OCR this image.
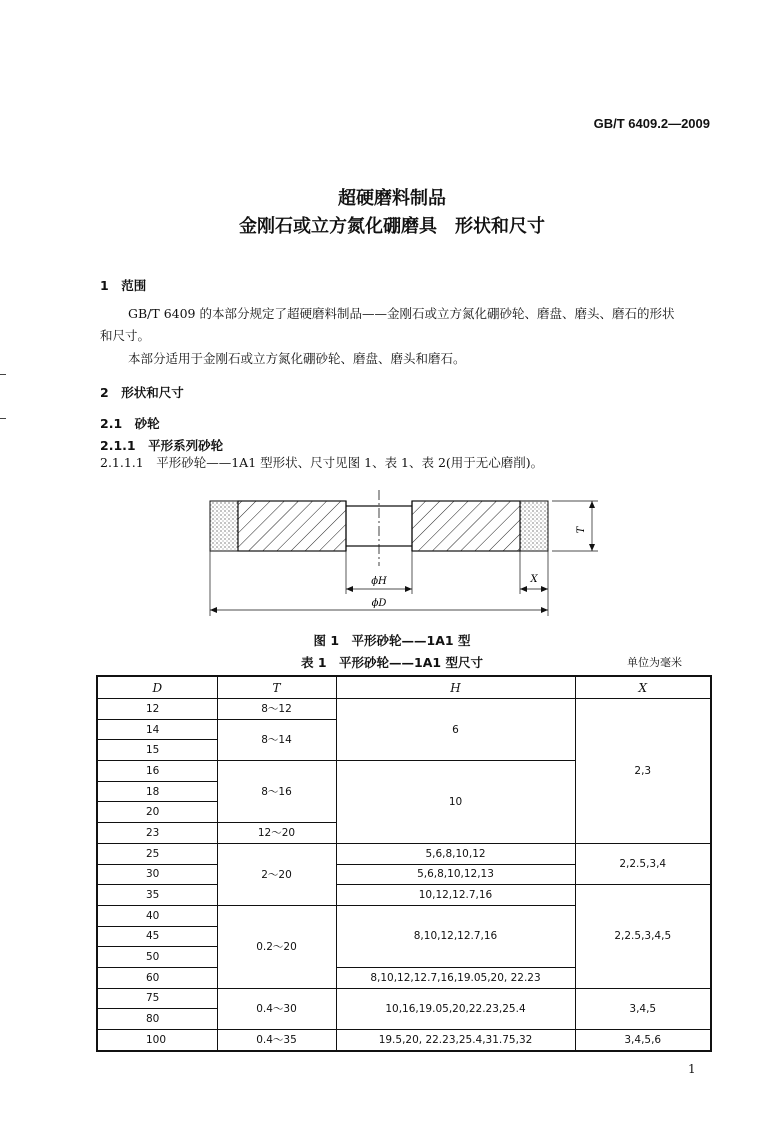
GB/T 6409.2—2009
超硬磨料制品
金刚石或立方氮化硼磨具　形状和尺寸
1　范围
GB/T 6409 的本部分规定了超硬磨料制品——金刚石或立方氮化硼砂轮、磨盘、磨头、磨石的形状
和尺寸。
本部分适用于金刚石或立方氮化硼砂轮、磨盘、磨头和磨石。
2　形状和尺寸
2.1　砂轮
2.1.1　平形系列砂轮
2.1.1.1　平形砂轮——1A1 型形状、尺寸见图 1、表 1、表 2(用于无心磨削)。
T
ϕH	X
ϕD
图 1　平形砂轮——1A1 型
表 1　平形砂轮——1A1 型尺寸	单位为毫米
D	T	H	X
12	8～12	6	2,3
14	8～14		
15			
16	8～16	10	
18			
20			
23	12～20		
25	2～20	5,6,8,10,12	2,2.5,3,4
30		5,6,8,10,12,13	
35		10,12,12.7,16	2,2.5,3,4,5
40	0.2～20	8,10,12,12.7,16	
45			
50			
60		8,10,12,12.7,16,19.05,20, 22.23	
75	0.4～30	10,16,19.05,20,22.23,25.4	3,4,5
80			
100	0.4～35	19.5,20, 22.23,25.4,31.75,32	3,4,5,6
1
